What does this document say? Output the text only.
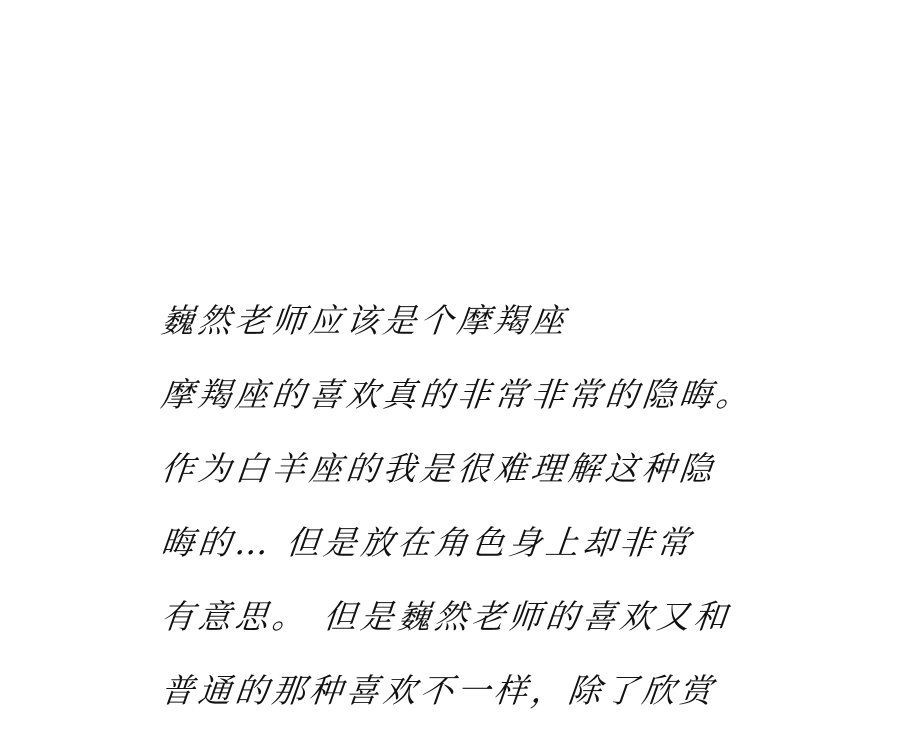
巍然老师应该是个摩羯座
摩羯座的喜欢真的非常非常的隐晦。
作为白羊座的我是很难理解这种隐
晦的… 但是放在角色身上却非常
有意思。 但是巍然老师的喜欢又和
普通的那种喜欢不一样，除了欣赏
